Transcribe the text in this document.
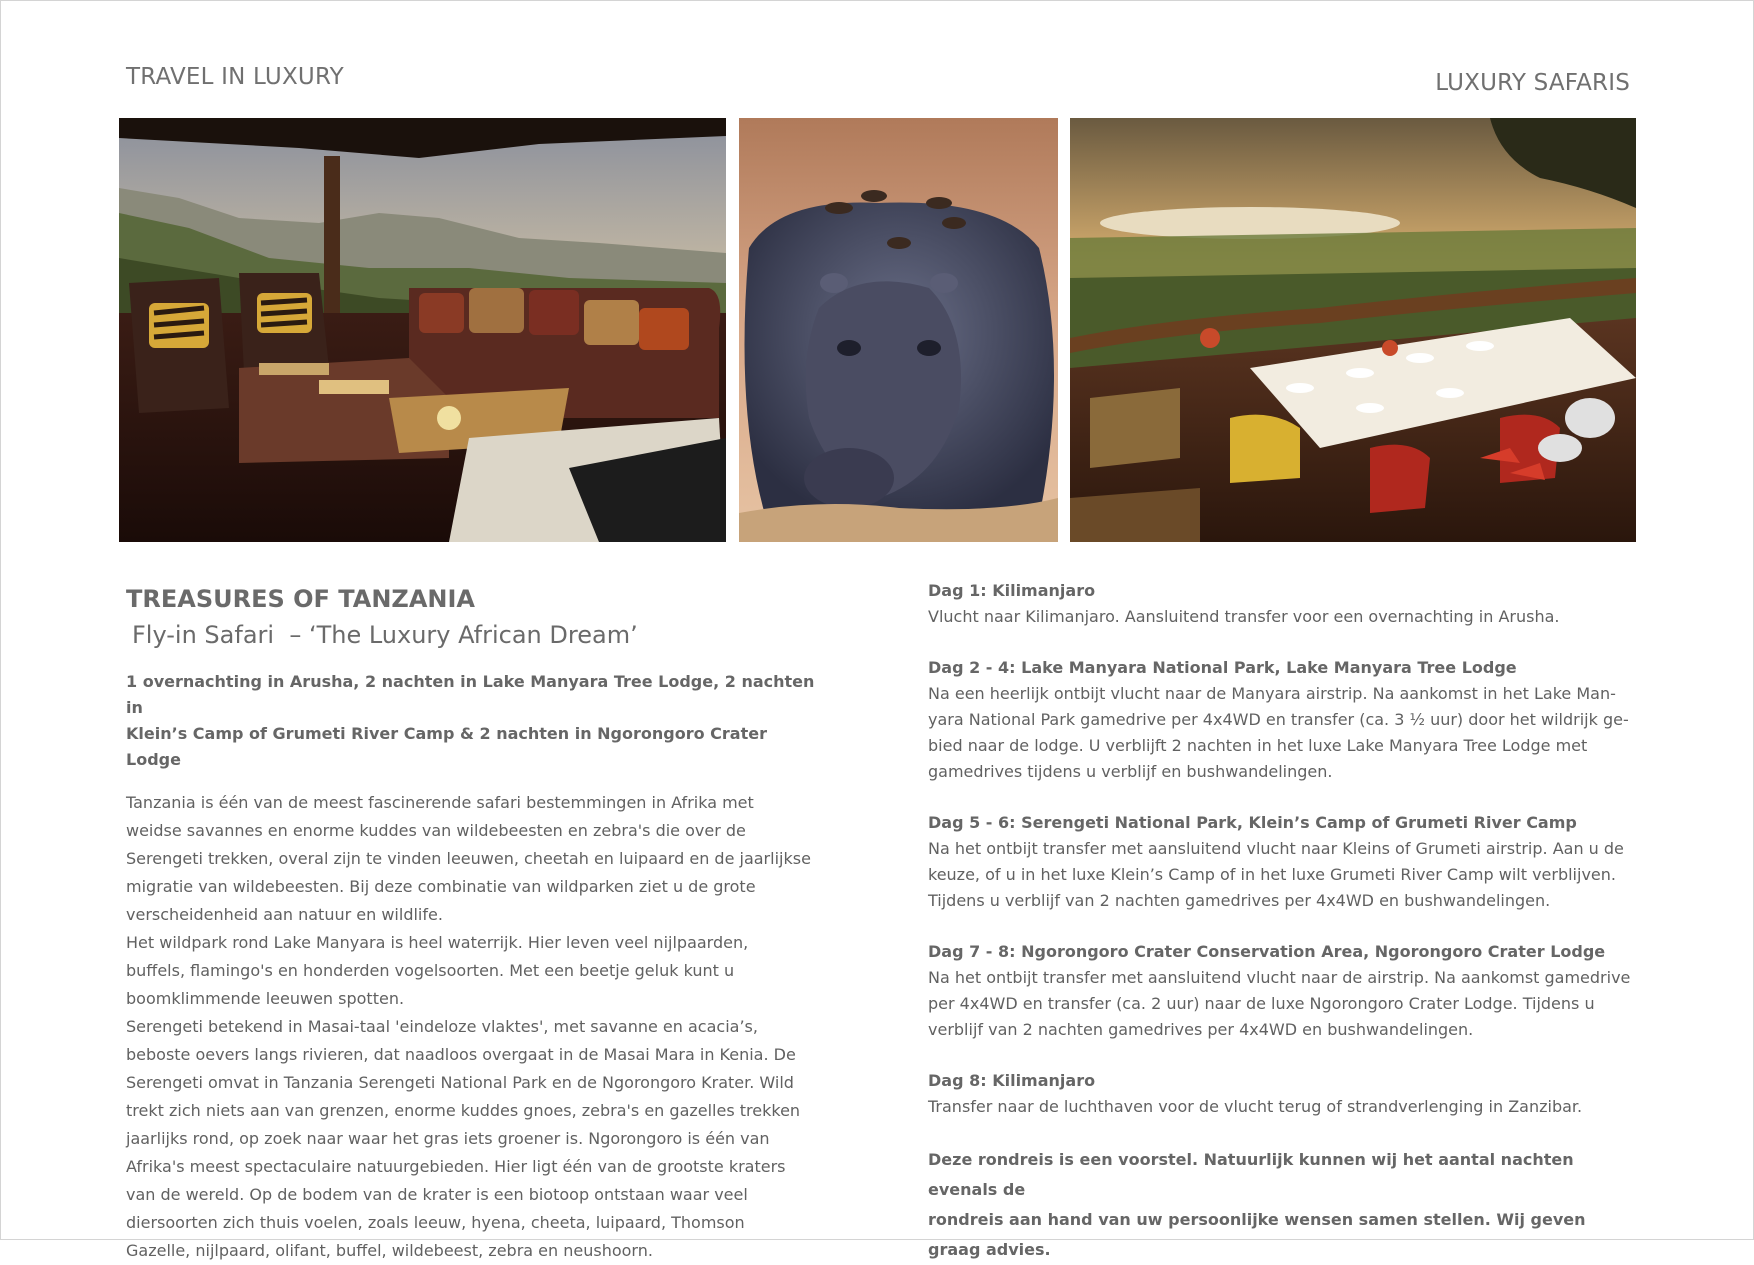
TRAVEL IN LUXURY	LUXURY SAFARIS
TREASURES OF TANZANIA
Fly-in Safari  – ‘The Luxury African Dream’
1 overnachting in Arusha, 2 nachten in Lake Manyara Tree Lodge, 2 nachten in
Klein’s Camp of Grumeti River Camp & 2 nachten in Ngorongoro Crater Lodge

Tanzania is één van de meest fascinerende safari bestemmingen in Afrika met
weidse savannes en enorme kuddes van wildebeesten en zebra's die over de
Serengeti trekken, overal zijn te vinden leeuwen, cheetah en luipaard en de jaarlijkse
migratie van wildebeesten. Bij deze combinatie van wildparken ziet u de grote
verscheidenheid aan natuur en wildlife.

Het wildpark rond Lake Manyara is heel waterrijk. Hier leven veel nijlpaarden,
buffels, flamingo's en honderden vogelsoorten. Met een beetje geluk kunt u
boomklimmende leeuwen spotten.

Serengeti betekend in Masai-taal 'eindeloze vlaktes', met savanne en acacia’s,
beboste oevers langs rivieren, dat naadloos overgaat in de Masai Mara in Kenia. De
Serengeti omvat in Tanzania Serengeti National Park en de Ngorongoro Krater. Wild
trekt zich niets aan van grenzen, enorme kuddes gnoes, zebra's en gazelles trekken
jaarlijks rond, op zoek naar waar het gras iets groener is. Ngorongoro is één van
Afrika's meest spectaculaire natuurgebieden. Hier ligt één van de grootste kraters
van de wereld. Op de bodem van de krater is een biotoop ontstaan waar veel
diersoorten zich thuis voelen, zoals leeuw, hyena, cheeta, luipaard, Thomson
Gazelle, nijlpaard, olifant, buffel, wildebeest, zebra en neushoorn.

Dag 1: Kilimanjaro
Vlucht naar Kilimanjaro. Aansluitend transfer voor een overnachting in Arusha.
Dag 2 - 4: Lake Manyara National Park, Lake Manyara Tree Lodge
Na een heerlijk ontbijt vlucht naar de Manyara airstrip. Na aankomst in het Lake Man-
yara National Park gamedrive per 4x4WD en transfer (ca. 3 ½ uur) door het wildrijk ge-
bied naar de lodge. U verblijft 2 nachten in het luxe Lake Manyara Tree Lodge met
gamedrives tijdens u verblijf en bushwandelingen.
Dag 5 - 6: Serengeti National Park, Klein’s Camp of Grumeti River Camp
Na het ontbijt transfer met aansluitend vlucht naar Kleins of Grumeti airstrip. Aan u de
keuze, of u in het luxe Klein’s Camp of in het luxe Grumeti River Camp wilt verblijven.
Tijdens u verblijf van 2 nachten gamedrives per 4x4WD en bushwandelingen.
Dag 7 - 8: Ngorongoro Crater Conservation Area, Ngorongoro Crater Lodge
Na het ontbijt transfer met aansluitend vlucht naar de airstrip. Na aankomst gamedrive
per 4x4WD en transfer (ca. 2 uur) naar de luxe Ngorongoro Crater Lodge. Tijdens u
verblijf van 2 nachten gamedrives per 4x4WD en bushwandelingen.
Dag 8: Kilimanjaro
Transfer naar de luchthaven voor de vlucht terug of strandverlenging in Zanzibar.
Deze rondreis is een voorstel. Natuurlijk kunnen wij het aantal nachten evenals de
rondreis aan hand van uw persoonlijke wensen samen stellen. Wij geven graag advies.
